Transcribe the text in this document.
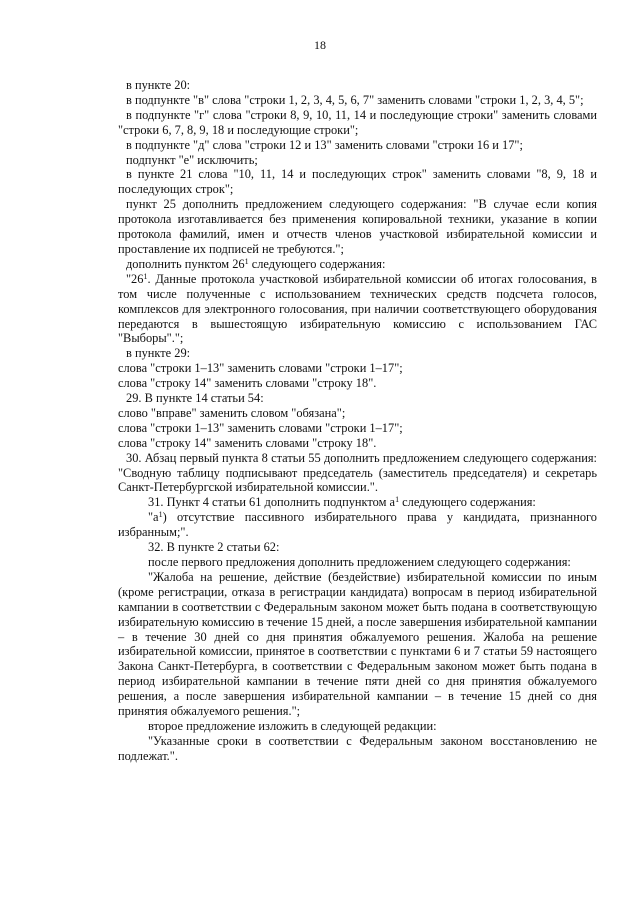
18

в пункте 20:

в подпункте "в" слова "строки 1, 2, 3, 4, 5, 6, 7" заменить словами "строки 1, 2, 3, 4, 5";

в подпункте "г" слова "строки 8, 9, 10, 11, 14 и последующие строки" заменить словами "строки 6, 7, 8, 9, 18 и последующие строки";

в подпункте "д" слова "строки 12 и 13" заменить словами "строки 16 и 17";

подпункт "е" исключить;

в пункте 21 слова "10, 11, 14 и последующих строк" заменить словами "8, 9, 18 и последующих строк";

пункт 25 дополнить предложением следующего содержания: "В случае если копия протокола изготавливается без применения копировальной техники, указание в копии протокола фамилий, имен и отчеств членов участковой избирательной комиссии и проставление их подписей не требуются.";

дополнить пунктом $26^1$ следующего содержания:

"$26^1$. Данные протокола участковой избирательной комиссии об итогах голосования, в том числе полученные с использованием технических средств подсчета голосов, комплексов для электронного голосования, при наличии соответствующего оборудования передаются в вышестоящую избирательную комиссию с использованием ГАС "Выборы".";

в пункте 29:

слова "строки 1–13" заменить словами "строки 1–17";

слова "строку 14" заменить словами "строку 18".

29. В пункте 14 статьи 54:

слово "вправе" заменить словом "обязана";

слова "строки 1–13" заменить словами "строки 1–17";

слова "строку 14" заменить словами "строку 18".

30. Абзац первый пункта 8 статьи 55 дополнить предложением следующего содержания: "Сводную таблицу подписывают председатель (заместитель председателя) и секретарь Санкт-Петербургской избирательной комиссии.".

31. Пункт 4 статьи 61 дополнить подпунктом $а^1$ следующего содержания:

"$а^1$) отсутствие пассивного избирательного права у кандидата, признанного избранным;".

32. В пункте 2 статьи 62:

после первого предложения дополнить предложением следующего содержания:

"Жалоба на решение, действие (бездействие) избирательной комиссии по иным (кроме регистрации, отказа в регистрации кандидата) вопросам в период избирательной кампании в соответствии с Федеральным законом может быть подана в соответствующую избирательную комиссию в течение 15 дней, а после завершения избирательной кампании – в течение 30 дней со дня принятия обжалуемого решения. Жалоба на решение избирательной комиссии, принятое в соответствии с пунктами 6 и 7 статьи 59 настоящего Закона Санкт-Петербурга, в соответствии с Федеральным законом может быть подана в период избирательной кампании в течение пяти дней со дня принятия обжалуемого решения, а после завершения избирательной кампании – в течение 15 дней со дня принятия обжалуемого решения.";

второе предложение изложить в следующей редакции:

"Указанные сроки в соответствии с Федеральным законом восстановлению не подлежат.".
